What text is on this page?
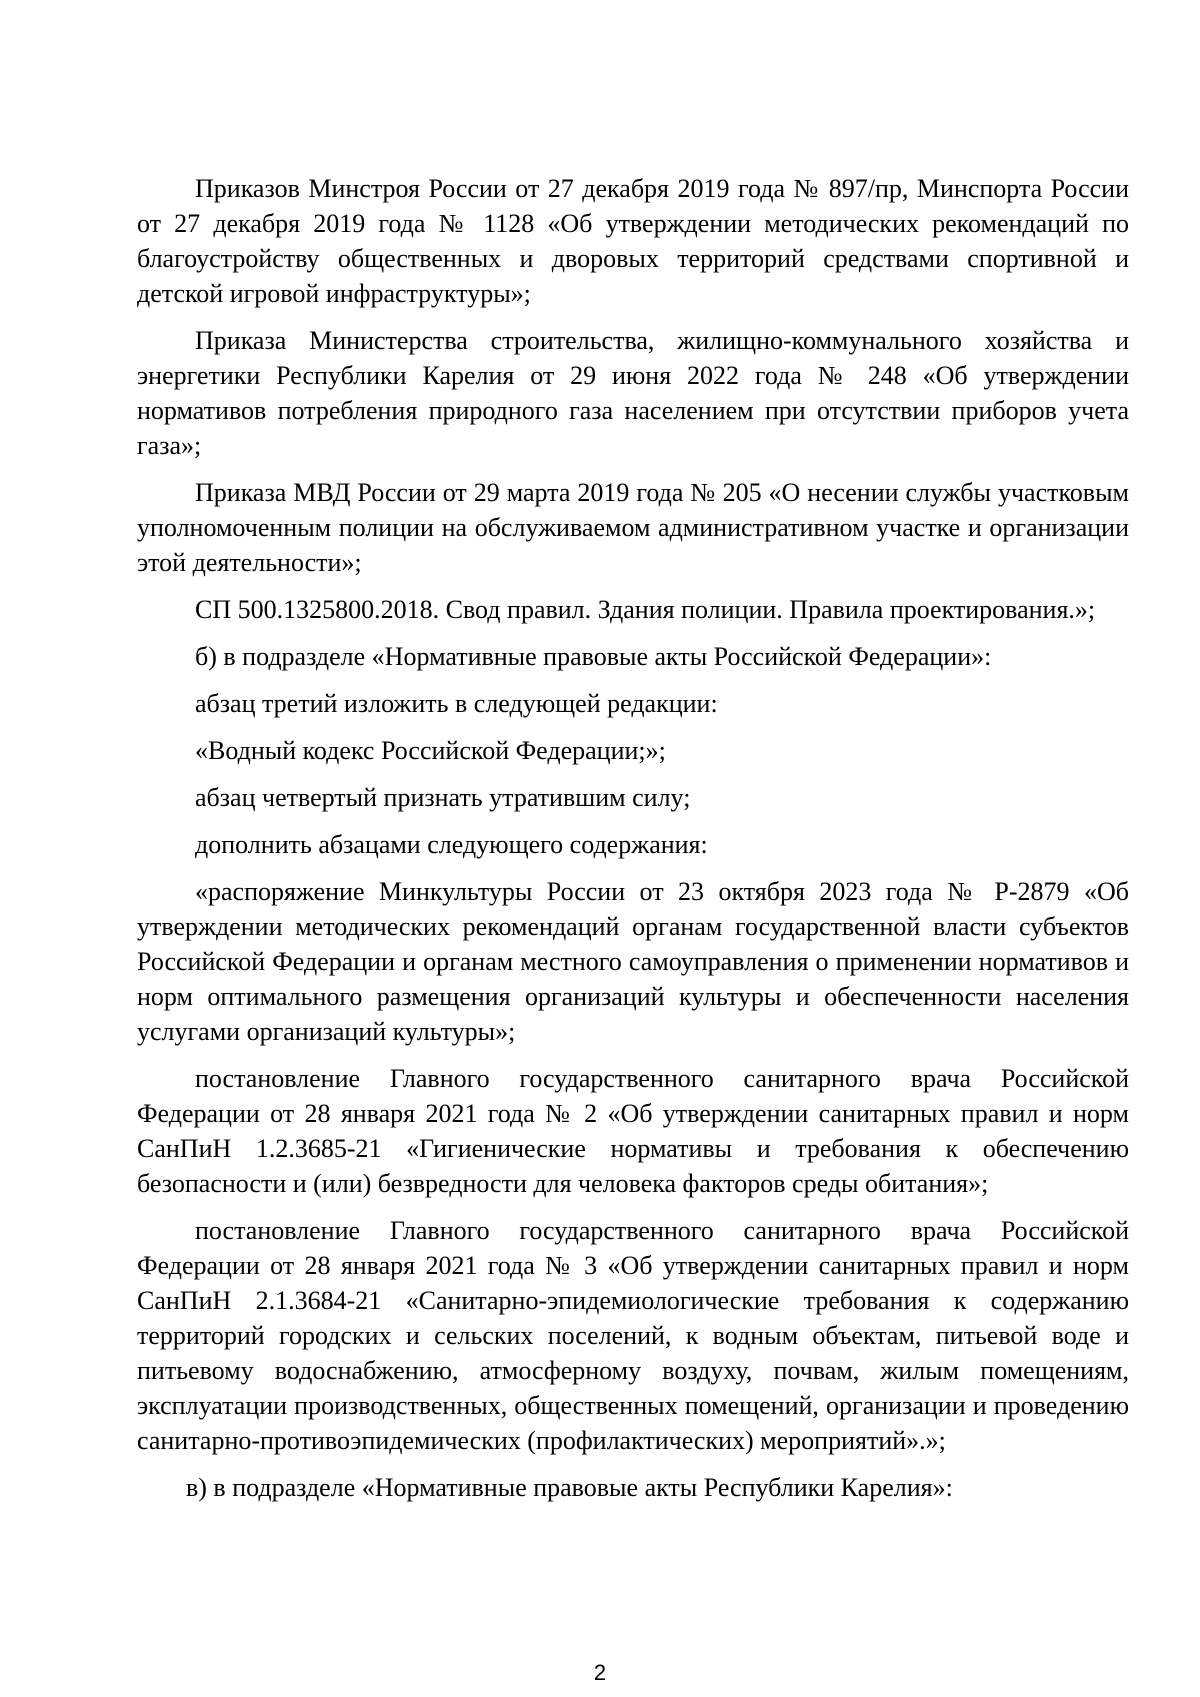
Приказов Минстроя России от 27 декабря 2019 года № 897/пр, Минспорта России от 27 декабря 2019 года № 1128 «Об утверждении методических рекомендаций по благоустройству общественных и дворовых территорий средствами спортивной и детской игровой инфраструктуры»;

Приказа Министерства строительства, жилищно-коммунального хозяйства и энергетики Республики Карелия от 29 июня 2022 года № 248 «Об утверждении нормативов потребления природного газа населением при отсутствии приборов учета газа»;

Приказа МВД России от 29 марта 2019 года № 205 «О несении службы участковым уполномоченным полиции на обслуживаемом административном участке и организации этой деятельности»;

СП 500.1325800.2018. Свод правил. Здания полиции. Правила проектирования.»;

б) в подразделе «Нормативные правовые акты Российской Федерации»:

абзац третий изложить в следующей редакции:

«Водный кодекс Российской Федерации;»;

абзац четвертый признать утратившим силу;

дополнить абзацами следующего содержания:

«распоряжение Минкультуры России от 23 октября 2023 года № Р-2879 «Об утверждении методических рекомендаций органам государственной власти субъектов Российской Федерации и органам местного самоуправления о применении нормативов и норм оптимального размещения организаций культуры и обеспеченности населения услугами организаций культуры»;

постановление Главного государственного санитарного врача Российской Федерации от 28 января 2021 года № 2 «Об утверждении санитарных правил и норм СанПиН 1.2.3685-21 «Гигиенические нормативы и требования к обеспечению безопасности и (или) безвредности для человека факторов среды обитания»;

постановление Главного государственного санитарного врача Российской Федерации от 28 января 2021 года № 3 «Об утверждении санитарных правил и норм СанПиН 2.1.3684-21 «Санитарно-эпидемиологические требования к содержанию территорий городских и сельских поселений, к водным объектам, питьевой воде и питьевому водоснабжению, атмосферному воздуху, почвам, жилым помещениям, эксплуатации производственных, общественных помещений, организации и проведению санитарно-противоэпидемических (профилактических) мероприятий».»;

в) в подразделе «Нормативные правовые акты Республики Карелия»:

2
